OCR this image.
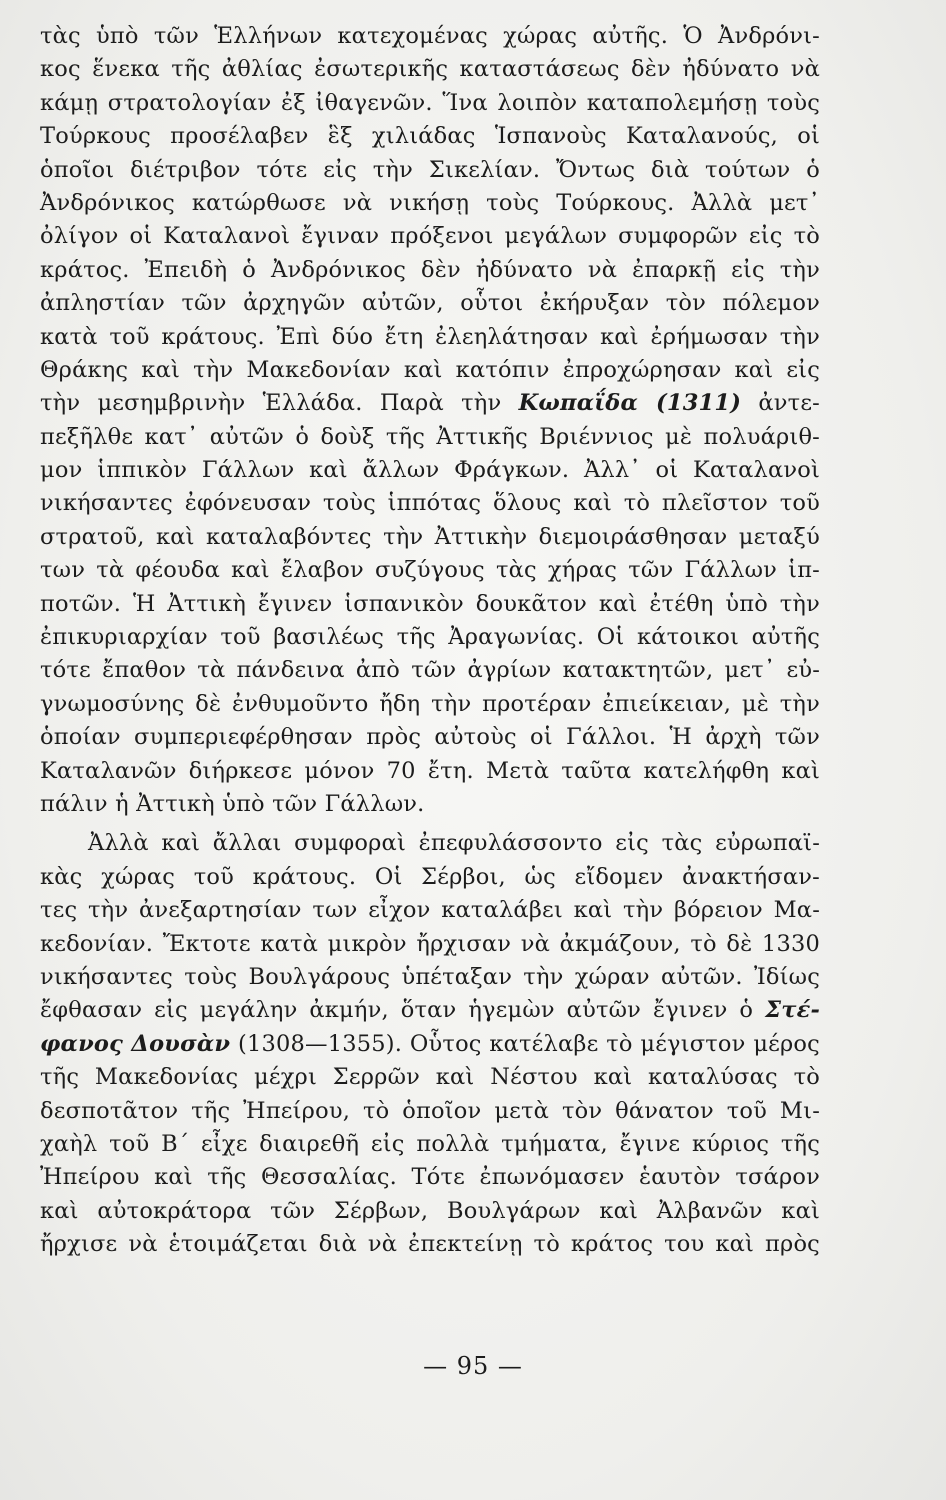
τὰς ὑπὸ τῶν Ἑλλήνων κατεχομένας χώρας αὐτῆς. Ὁ Ἀνδρόνι-
κος ἕνεκα τῆς ἀθλίας ἐσωτερικῆς καταστάσεως δὲν ἠδύνατο νὰ
κάμῃ στρατολογίαν ἐξ ἰθαγενῶν. Ἵνα λοιπὸν καταπολεμήσῃ τοὺς
Τούρκους προσέλαβεν ἓξ χιλιάδας Ἱσπανοὺς Καταλανούς, οἱ
ὁποῖοι διέτριβον τότε εἰς τὴν Σικελίαν. Ὄντως διὰ τούτων ὁ
Ἀνδρόνικος κατώρθωσε νὰ νικήσῃ τοὺς Τούρκους. Ἀλλὰ μετ᾽
ὀλίγον οἱ Καταλανοὶ ἔγιναν πρόξενοι μεγάλων συμφορῶν εἰς τὸ
κράτος. Ἐπειδὴ ὁ Ἀνδρόνικος δὲν ἠδύνατο νὰ ἐπαρκῇ εἰς τὴν
ἀπληστίαν τῶν ἀρχηγῶν αὐτῶν, οὗτοι ἐκήρυξαν τὸν πόλεμον
κατὰ τοῦ κράτους. Ἐπὶ δύο ἔτη ἐλεηλάτησαν καὶ ἐρήμωσαν τὴν
Θράκης καὶ τὴν Μακεδονίαν καὶ κατόπιν ἐπροχώρησαν καὶ εἰς
τὴν μεσημβρινὴν Ἑλλάδα. Παρὰ τὴν Κωπαΐδα (1311) ἀντε-
πεξῆλθε κατ᾽ αὐτῶν ὁ δοὺξ τῆς Ἀττικῆς Βριέννιος μὲ πολυάριθ-
μον ἱππικὸν Γάλλων καὶ ἄλλων Φράγκων. Ἀλλ᾽ οἱ Καταλανοὶ
νικήσαντες ἐφόνευσαν τοὺς ἱππότας ὅλους καὶ τὸ πλεῖστον τοῦ
στρατοῦ, καὶ καταλαβόντες τὴν Ἀττικὴν διεμοιράσθησαν μεταξύ
των τὰ φέουδα καὶ ἔλαβον συζύγους τὰς χήρας τῶν Γάλλων ἱπ-
ποτῶν. Ἡ Ἀττικὴ ἔγινεν ἱσπανικὸν δουκᾶτον καὶ ἐτέθη ὑπὸ τὴν
ἐπικυριαρχίαν τοῦ βασιλέως τῆς Ἀραγωνίας. Οἱ κάτοικοι αὐτῆς
τότε ἔπαθον τὰ πάνδεινα ἀπὸ τῶν ἀγρίων κατακτητῶν, μετ᾽ εὐ-
γνωμοσύνης δὲ ἐνθυμοῦντο ἤδη τὴν προτέραν ἐπιείκειαν, μὲ τὴν
ὁποίαν συμπεριεφέρθησαν πρὸς αὐτοὺς οἱ Γάλλοι. Ἡ ἀρχὴ τῶν
Καταλανῶν διήρκεσε μόνον 70 ἔτη. Μετὰ ταῦτα κατελήφθη καὶ
πάλιν ἡ Ἀττικὴ ὑπὸ τῶν Γάλλων.
Ἀλλὰ καὶ ἄλλαι συμφοραὶ ἐπεφυλάσσοντο εἰς τὰς εὐρωπαϊ-
κὰς χώρας τοῦ κράτους. Οἱ Σέρβοι, ὡς εἴδομεν ἀνακτήσαν-
τες τὴν ἀνεξαρτησίαν των εἶχον καταλάβει καὶ τὴν βόρειον Μα-
κεδονίαν. Ἔκτοτε κατὰ μικρὸν ἤρχισαν νὰ ἀκμάζουν, τὸ δὲ 1330
νικήσαντες τοὺς Βουλγάρους ὑπέταξαν τὴν χώραν αὐτῶν. Ἰδίως
ἔφθασαν εἰς μεγάλην ἀκμήν, ὅταν ἡγεμὼν αὐτῶν ἔγινεν ὁ Στέ-
φανος Δουσὰν (1308—1355). Οὗτος κατέλαβε τὸ μέγιστον μέρος
τῆς Μακεδονίας μέχρι Σερρῶν καὶ Νέστου καὶ καταλύσας τὸ
δεσποτᾶτον τῆς Ἠπείρου, τὸ ὁποῖον μετὰ τὸν θάνατον τοῦ Μι-
χαὴλ τοῦ Β΄ εἶχε διαιρεθῆ εἰς πολλὰ τμήματα, ἔγινε κύριος τῆς
Ἠπείρου καὶ τῆς Θεσσαλίας. Τότε ἐπωνόμασεν ἑαυτὸν τσάρον
καὶ αὐτοκράτορα τῶν Σέρβων, Βουλγάρων καὶ Ἀλβανῶν καὶ
ἤρχισε νὰ ἑτοιμάζεται διὰ νὰ ἐπεκτείνῃ τὸ κράτος του καὶ πρὸς
— 95 —
